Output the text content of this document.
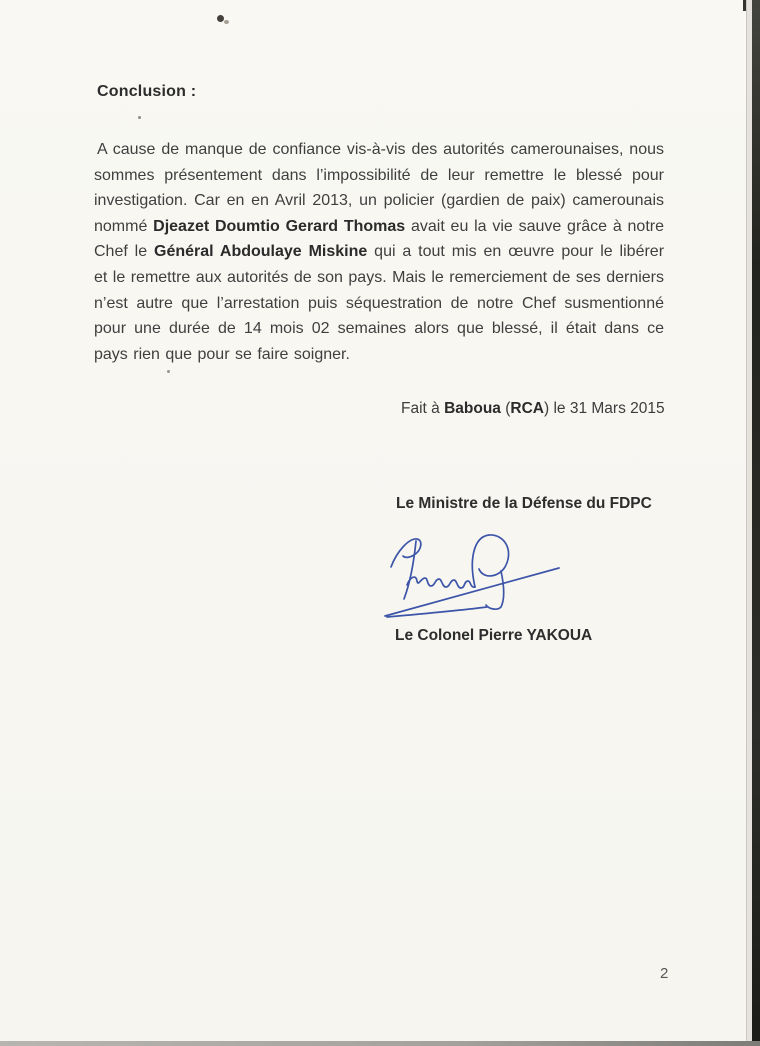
Conclusion :

A cause de manque de confiance vis-à-vis des autorités camerounaises, nous sommes présentement dans l’impossibilité de leur remettre le blessé pour investigation. Car en en Avril 2013, un policier (gardien de paix) camerounais nommé Djeazet Doumtio Gerard Thomas avait eu la vie sauve grâce à notre Chef le Général Abdoulaye Miskine qui a tout mis en œuvre pour le libérer et le remettre aux autorités de son pays. Mais le remerciement de ses derniers n’est autre que l’arrestation puis séquestration de notre Chef susmentionné pour une durée de 14 mois 02 semaines alors que blessé, il était dans ce pays rien que pour se faire soigner.

Fait à Baboua (RCA) le 31 Mars 2015
Le Ministre de la Défense du FDPC
Le Colonel Pierre YAKOUA
2
